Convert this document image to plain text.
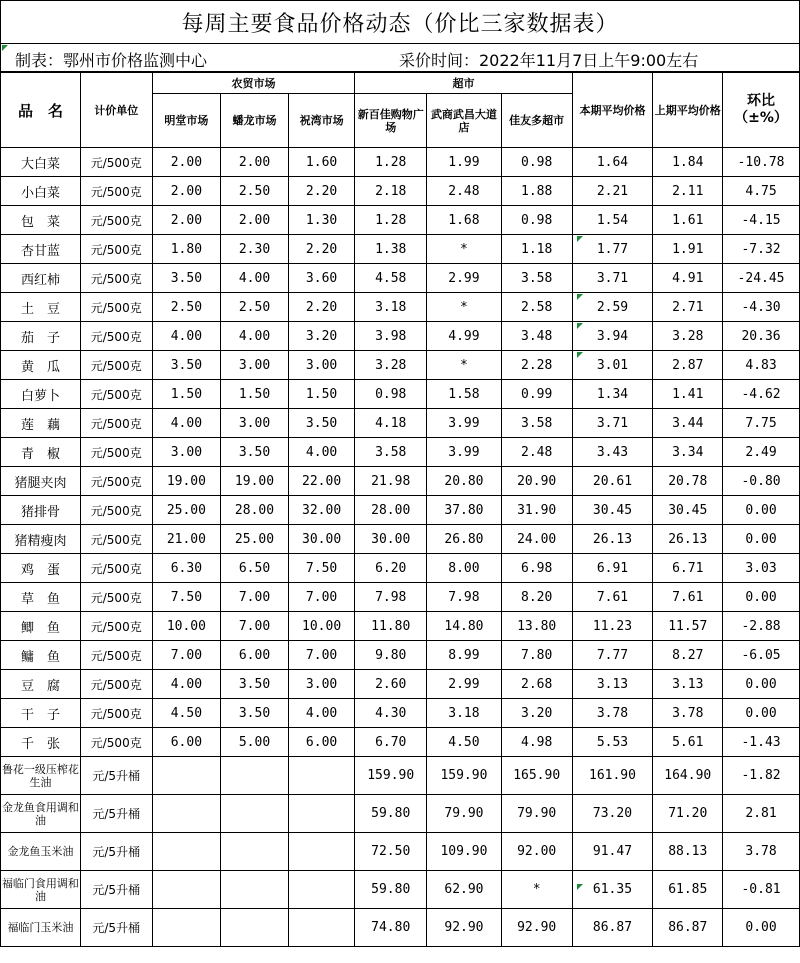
每周主要食品价格动态（价比三家数据表）
制表：鄂州市价格监测中心	采价时间：2022年11月7日上午9:00左右
品　名	计价单位	农贸市场			超市			本期平均价格	上期平均价格	环比
（±%）

		明堂市场	蟠龙市场	祝湾市场	新百佳购物广场	武商武昌大道店	佳友多超市			
大白菜	元/500克	2.00	2.00	1.60	1.28	1.99	0.98	1.64	1.84	-10.78
小白菜	元/500克	2.00	2.50	2.20	2.18	2.48	1.88	2.21	2.11	4.75
包　菜	元/500克	2.00	2.00	1.30	1.28	1.68	0.98	1.54	1.61	-4.15
杏甘蓝	元/500克	1.80	2.30	2.20	1.38	*	1.18	1.77	1.91	-7.32
西红柿	元/500克	3.50	4.00	3.60	4.58	2.99	3.58	3.71	4.91	-24.45
土　豆	元/500克	2.50	2.50	2.20	3.18	*	2.58	2.59	2.71	-4.30
茄　子	元/500克	4.00	4.00	3.20	3.98	4.99	3.48	3.94	3.28	20.36
黄　瓜	元/500克	3.50	3.00	3.00	3.28	*	2.28	3.01	2.87	4.83
白萝卜	元/500克	1.50	1.50	1.50	0.98	1.58	0.99	1.34	1.41	-4.62
莲　藕	元/500克	4.00	3.00	3.50	4.18	3.99	3.58	3.71	3.44	7.75
青　椒	元/500克	3.00	3.50	4.00	3.58	3.99	2.48	3.43	3.34	2.49
猪腿夹肉	元/500克	19.00	19.00	22.00	21.98	20.80	20.90	20.61	20.78	-0.80
猪排骨	元/500克	25.00	28.00	32.00	28.00	37.80	31.90	30.45	30.45	0.00
猪精瘦肉	元/500克	21.00	25.00	30.00	30.00	26.80	24.00	26.13	26.13	0.00
鸡　蛋	元/500克	6.30	6.50	7.50	6.20	8.00	6.98	6.91	6.71	3.03
草　鱼	元/500克	7.50	7.00	7.00	7.98	7.98	8.20	7.61	7.61	0.00
鲫　鱼	元/500克	10.00	7.00	10.00	11.80	14.80	13.80	11.23	11.57	-2.88
鳙　鱼	元/500克	7.00	6.00	7.00	9.80	8.99	7.80	7.77	8.27	-6.05
豆　腐	元/500克	4.00	3.50	3.00	2.60	2.99	2.68	3.13	3.13	0.00
干　子	元/500克	4.50	3.50	4.00	4.30	3.18	3.20	3.78	3.78	0.00
千　张	元/500克	6.00	5.00	6.00	6.70	4.50	4.98	5.53	5.61	-1.43
鲁花一级压榨花生油	元/5升桶				159.90	159.90	165.90	161.90	164.90	-1.82
金龙鱼食用调和油	元/5升桶				59.80	79.90	79.90	73.20	71.20	2.81
金龙鱼玉米油	元/5升桶				72.50	109.90	92.00	91.47	88.13	3.78
福临门食用调和油	元/5升桶				59.80	62.90	*	61.35	61.85	-0.81
福临门玉米油	元/5升桶				74.80	92.90	92.90	86.87	86.87	0.00
